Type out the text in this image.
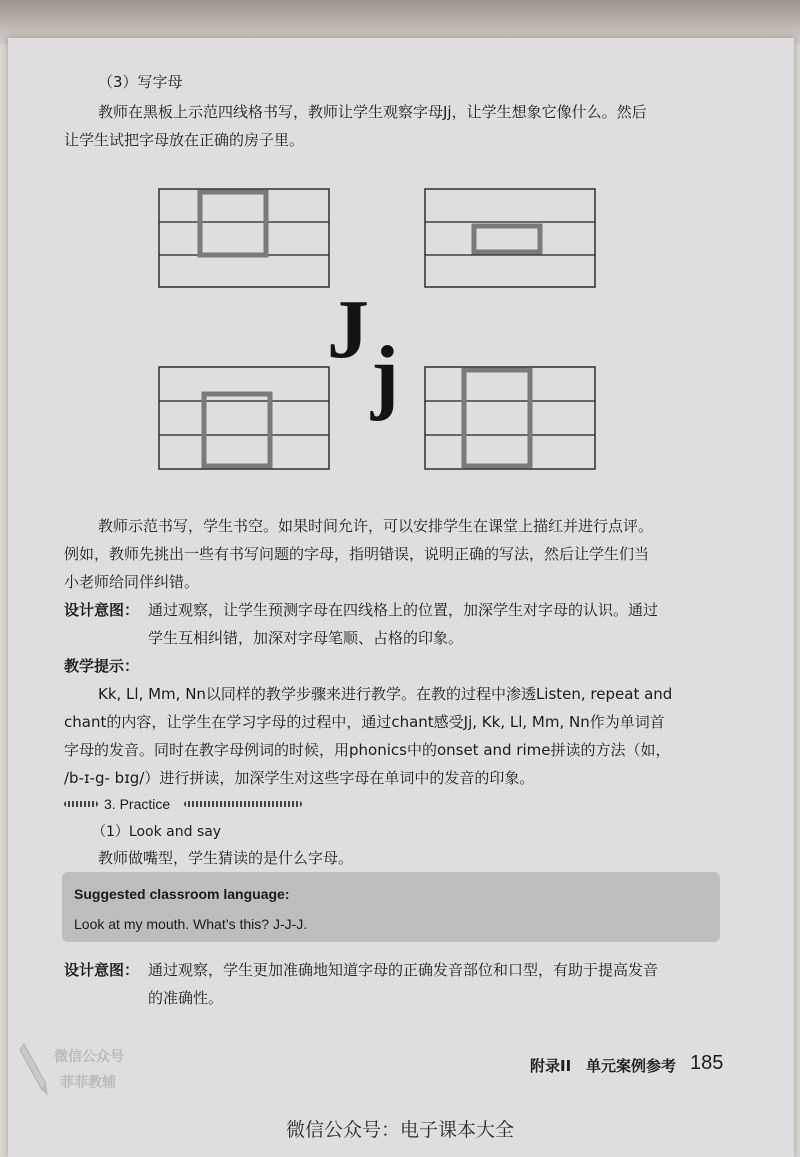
（3）写字母
教师在黑板上示范四线格书写，教师让学生观察字母Jj，让学生想象它像什么。然后
让学生试把字母放在正确的房子里。
J j
教师示范书写，学生书空。如果时间允许，可以安排学生在课堂上描红并进行点评。
例如，教师先挑出一些有书写问题的字母，指明错误，说明正确的写法，然后让学生们当
小老师给同伴纠错。
设计意图： 通过观察，让学生预测字母在四线格上的位置，加深学生对字母的认识。通过
学生互相纠错，加深对字母笔顺、占格的印象。
教学提示：
Kk, Ll, Mm, Nn以同样的教学步骤来进行教学。在教的过程中渗透Listen, repeat and
chant的内容，让学生在学习字母的过程中，通过chant感受Jj, Kk, Ll, Mm, Nn作为单词首
字母的发音。同时在教字母例词的时候，用phonics中的onset and rime拼读的方法（如，
/b-ɪ-g- bɪg/）进行拼读，加深学生对这些字母在单词中的发音的印象。
3. Practice
（1）Look and say
教师做嘴型，学生猜读的是什么字母。
Suggested classroom language:
Look at my mouth. What’s this? J-J-J.
设计意图： 通过观察，学生更加准确地知道字母的正确发音部位和口型，有助于提高发音
的准确性。
附录II 单元案例参考 185
微信公众号
菲菲教辅
微信公众号：电子课本大全
